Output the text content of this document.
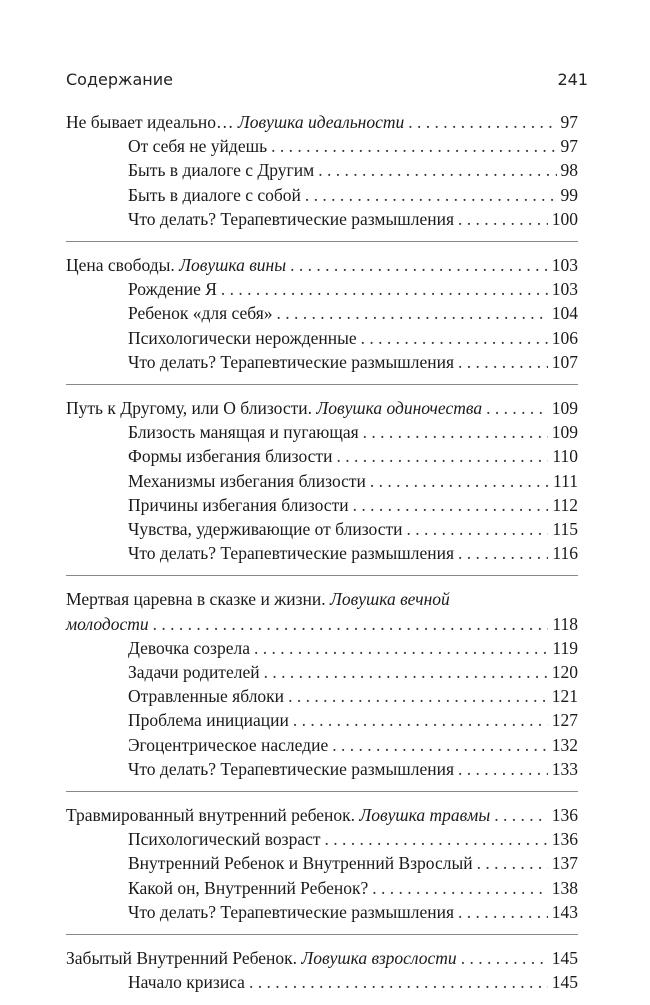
Содержание	241
Не бывает идеально… Ловушка идеальности . . .	97
От себя не уйдешь . . .	97
Быть в диалоге с Другим . . .	98
Быть в диалоге с собой . . .	99
Что делать? Терапевтические размышления . . .	100
Цена свободы. Ловушка вины . . .	103
Рождение Я . . .	103
Ребенок «для себя» . . .	104
Психологически нерожденные . . .	106
Что делать? Терапевтические размышления . . .	107
Путь к Другому, или О близости. Ловушка одиночества . . .	109
Близость манящая и пугающая . . .	109
Формы избегания близости . . .	110
Механизмы избегания близости . . .	111
Причины избегания близости . . .	112
Чувства, удерживающие от близости . . .	115
Что делать? Терапевтические размышления . . .	116
Мертвая царевна в сказке и жизни. Ловушка вечной
молодости . . .	118
Девочка созрела . . .	119
Задачи родителей . . .	120
Отравленные яблоки . . .	121
Проблема инициации . . .	127
Эгоцентрическое наследие . . .	132
Что делать? Терапевтические размышления . . .	133
Травмированный внутренний ребенок. Ловушка травмы . . .	136
Психологический возраст . . .	136
Внутренний Ребенок и Внутренний Взрослый . . .	137
Какой он, Внутренний Ребенок? . . .	138
Что делать? Терапевтические размышления . . .	143
Забытый Внутренний Ребенок. Ловушка взрослости . . .	145
Начало кризиса . . .	145
